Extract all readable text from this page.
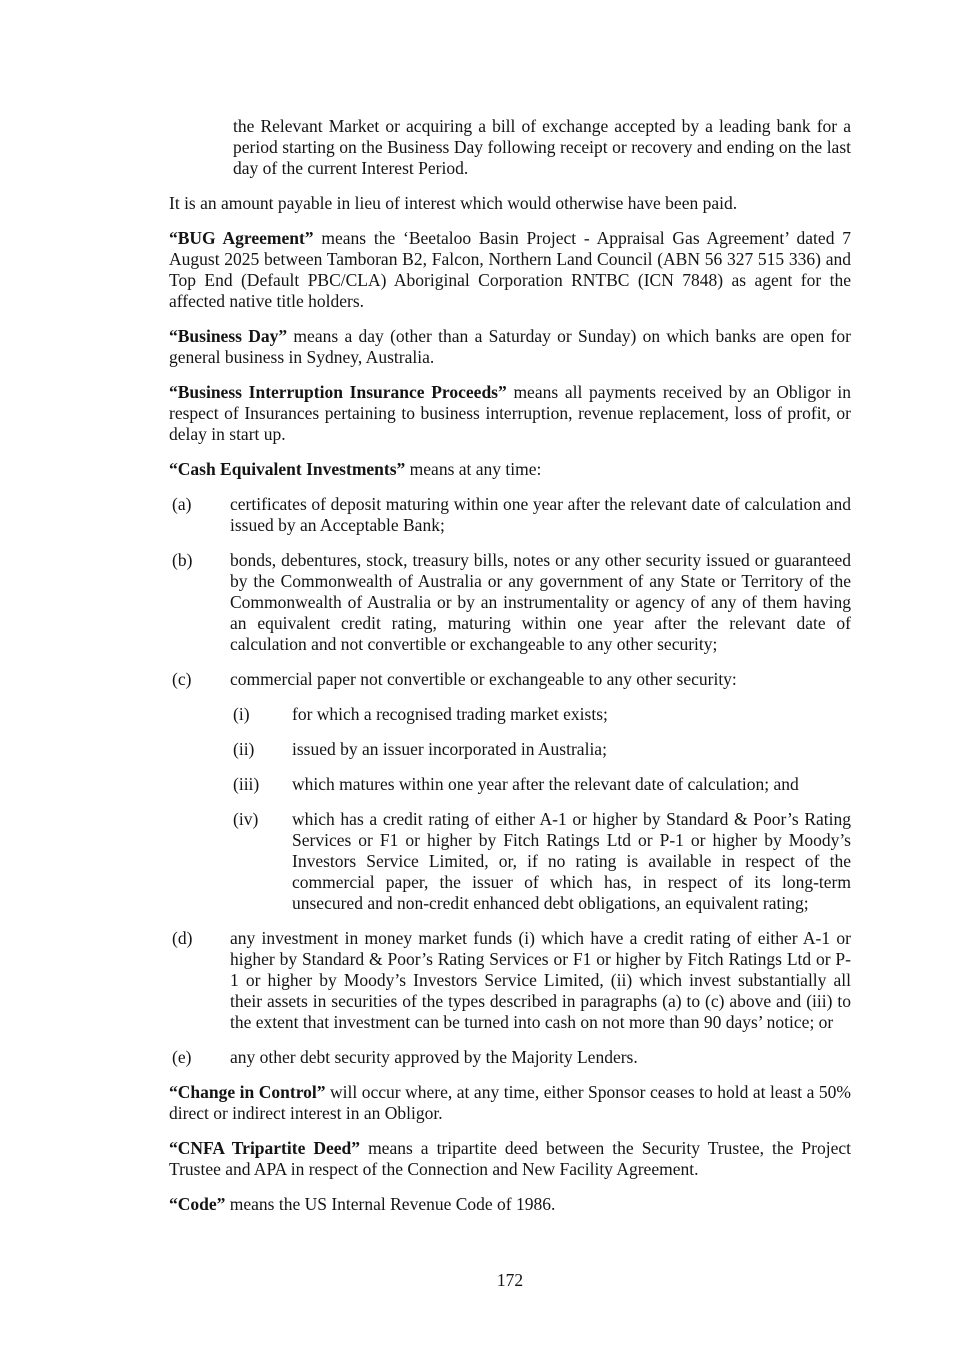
the Relevant Market or acquiring a bill of exchange accepted by a leading bank for a period starting on the Business Day following receipt or recovery and ending on the last day of the current Interest Period.

It is an amount payable in lieu of interest which would otherwise have been paid.

“BUG Agreement” means the ‘Beetaloo Basin Project - Appraisal Gas Agreement’ dated 7 August 2025 between Tamboran B2, Falcon, Northern Land Council (ABN 56 327 515 336) and Top End (Default PBC/CLA) Aboriginal Corporation RNTBC (ICN 7848) as agent for the affected native title holders.

“Business Day” means a day (other than a Saturday or Sunday) on which banks are open for general business in Sydney, Australia.

“Business Interruption Insurance Proceeds” means all payments received by an Obligor in respect of Insurances pertaining to business interruption, revenue replacement, loss of profit, or delay in start up.

“Cash Equivalent Investments” means at any time:

(a)	certificates of deposit maturing within one year after the relevant date of calculation and issued by an Acceptable Bank;
(b)	bonds, debentures, stock, treasury bills, notes or any other security issued or guaranteed by the Commonwealth of Australia or any government of any State or Territory of the Commonwealth of Australia or by an instrumentality or agency of any of them having an equivalent credit rating, maturing within one year after the relevant date of calculation and not convertible or exchangeable to any other security;
(c)	commercial paper not convertible or exchangeable to any other security:
(i)	for which a recognised trading market exists;
(ii)	issued by an issuer incorporated in Australia;
(iii)	which matures within one year after the relevant date of calculation; and
(iv)	which has a credit rating of either A-1 or higher by Standard & Poor’s Rating Services or F1 or higher by Fitch Ratings Ltd or P-1 or higher by Moody’s Investors Service Limited, or, if no rating is available in respect of the commercial paper, the issuer of which has, in respect of its long-term unsecured and non-credit enhanced debt obligations, an equivalent rating;
(d)	any investment in money market funds (i) which have a credit rating of either A-1 or higher by Standard & Poor’s Rating Services or F1 or higher by Fitch Ratings Ltd or P-1 or higher by Moody’s Investors Service Limited, (ii) which invest substantially all their assets in securities of the types described in paragraphs (a) to (c) above and (iii) to the extent that investment can be turned into cash on not more than 90 days’ notice; or
(e)	any other debt security approved by the Majority Lenders.

“Change in Control” will occur where, at any time, either Sponsor ceases to hold at least a 50% direct or indirect interest in an Obligor.

“CNFA Tripartite Deed” means a tripartite deed between the Security Trustee, the Project Trustee and APA in respect of the Connection and New Facility Agreement.

“Code” means the US Internal Revenue Code of 1986.

172
